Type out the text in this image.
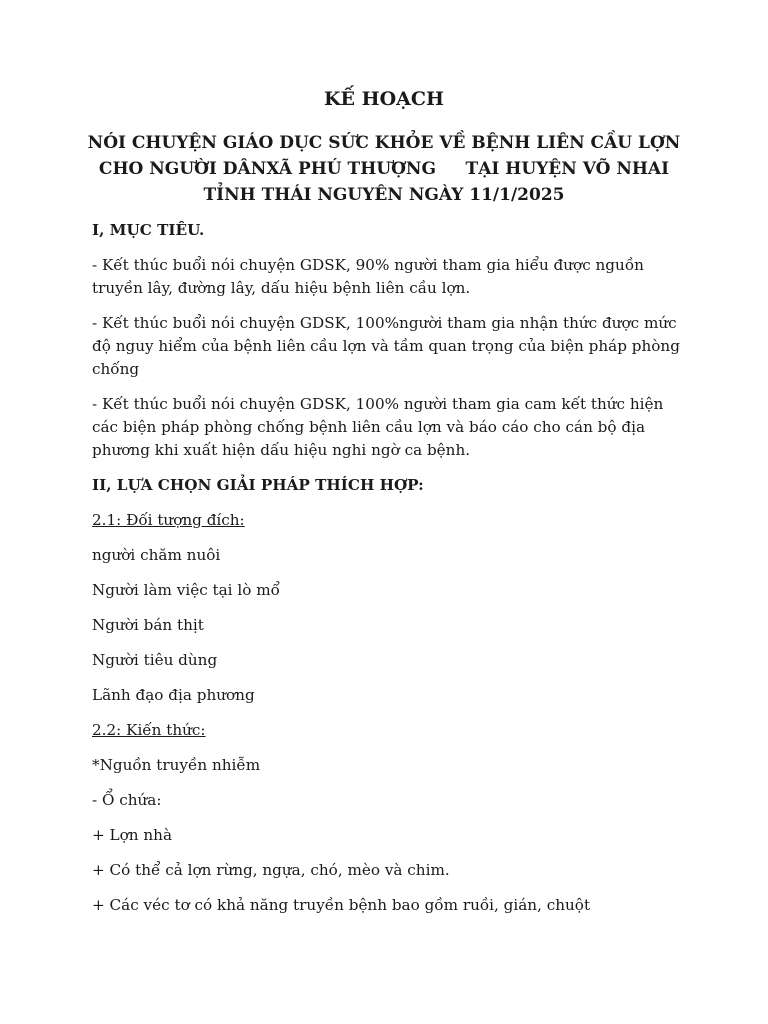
KẾ HOẠCH
NÓI CHUYỆN GIÁO DỤC SỨC KHỎE VỀ BỆNH LIÊN CẦU LỢN
CHO NGƯỜI DÂNXÃ PHÚ THƯỢNG     TẠI HUYỆN VÕ NHAI
TỈNH THÁI NGUYÊN NGÀY 11/1/2025
I, MỤC TIÊU.
- Kết thúc buổi nói chuyện GDSK, 90% người tham gia hiểu được nguồn truyền lây, đường lây, dấu hiệu bệnh liên cầu lợn.
- Kết thúc buổi nói chuyện GDSK, 100%người tham gia nhận thức được mức độ nguy hiểm của bệnh liên cầu lợn và tầm quan trọng của biện pháp phòng chống
- Kết thúc buổi nói chuyện GDSK, 100% người tham gia cam kết thức hiện các biện pháp phòng chống bệnh liên cầu lợn và báo cáo cho cán bộ địa phương khi xuất hiện dấu hiệu nghi ngờ ca bệnh.
II, LỰA CHỌN GIẢI PHÁP THÍCH HỢP:
2.1: Đối tượng đích:
người chăm nuôi
Người làm việc tại lò mổ
Người bán thịt
Người tiêu dùng
Lãnh đạo địa phương
2.2: Kiến thức:
*Nguồn truyền nhiễm
- Ổ chứa:
+ Lợn nhà
+ Có thể cả lợn rừng, ngựa, chó, mèo và chim.
+ Các véc tơ có khả năng truyền bệnh bao gồm ruồi, gián, chuột
